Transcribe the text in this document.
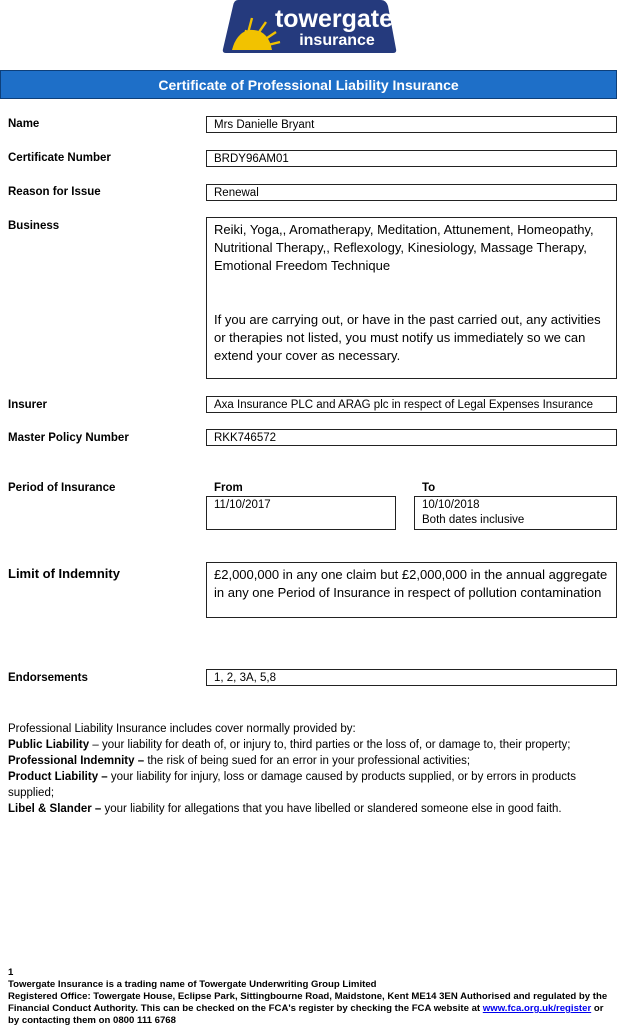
towergate
insurance
Certificate of Professional Liability Insurance
Name	Mrs Danielle Bryant
Certificate Number	BRDY96AM01
Reason for Issue	Renewal
Business	Reiki, Yoga,, Aromatherapy, Meditation, Attunement, Homeopathy, Nutritional Therapy,, Reflexology, Kinesiology, Massage Therapy, Emotional Freedom Technique
If you are carrying out, or have in the past carried out, any activities or therapies not listed, you must notify us immediately so we can extend your cover as necessary.
Insurer	Axa Insurance PLC and ARAG plc in respect of Legal Expenses Insurance
Master Policy Number	RKK746572
Period of Insurance	From	To
11/10/2017	10/10/2018
Both dates inclusive
Limit of Indemnity	£2,000,000 in any one claim but £2,000,000 in the annual aggregate in any one Period of Insurance in respect of pollution contamination
Endorsements	1, 2, 3A, 5,8
Professional Liability Insurance includes cover normally provided by:
Public Liability – your liability for death of, or injury to, third parties or the loss of, or damage to, their property;
Professional Indemnity – the risk of being sued for an error in your professional activities;
Product Liability – your liability for injury, loss or damage caused by products supplied, or by errors in products supplied;
Libel & Slander – your liability for allegations that you have libelled or slandered someone else in good faith.
1
Towergate Insurance is a trading name of Towergate Underwriting Group Limited
Registered Office: Towergate House, Eclipse Park, Sittingbourne Road, Maidstone, Kent ME14 3EN Authorised and regulated by the Financial Conduct Authority. This can be checked on the FCA's register by checking the FCA website at www.fca.org.uk/register or by contacting them on 0800 111 6768
